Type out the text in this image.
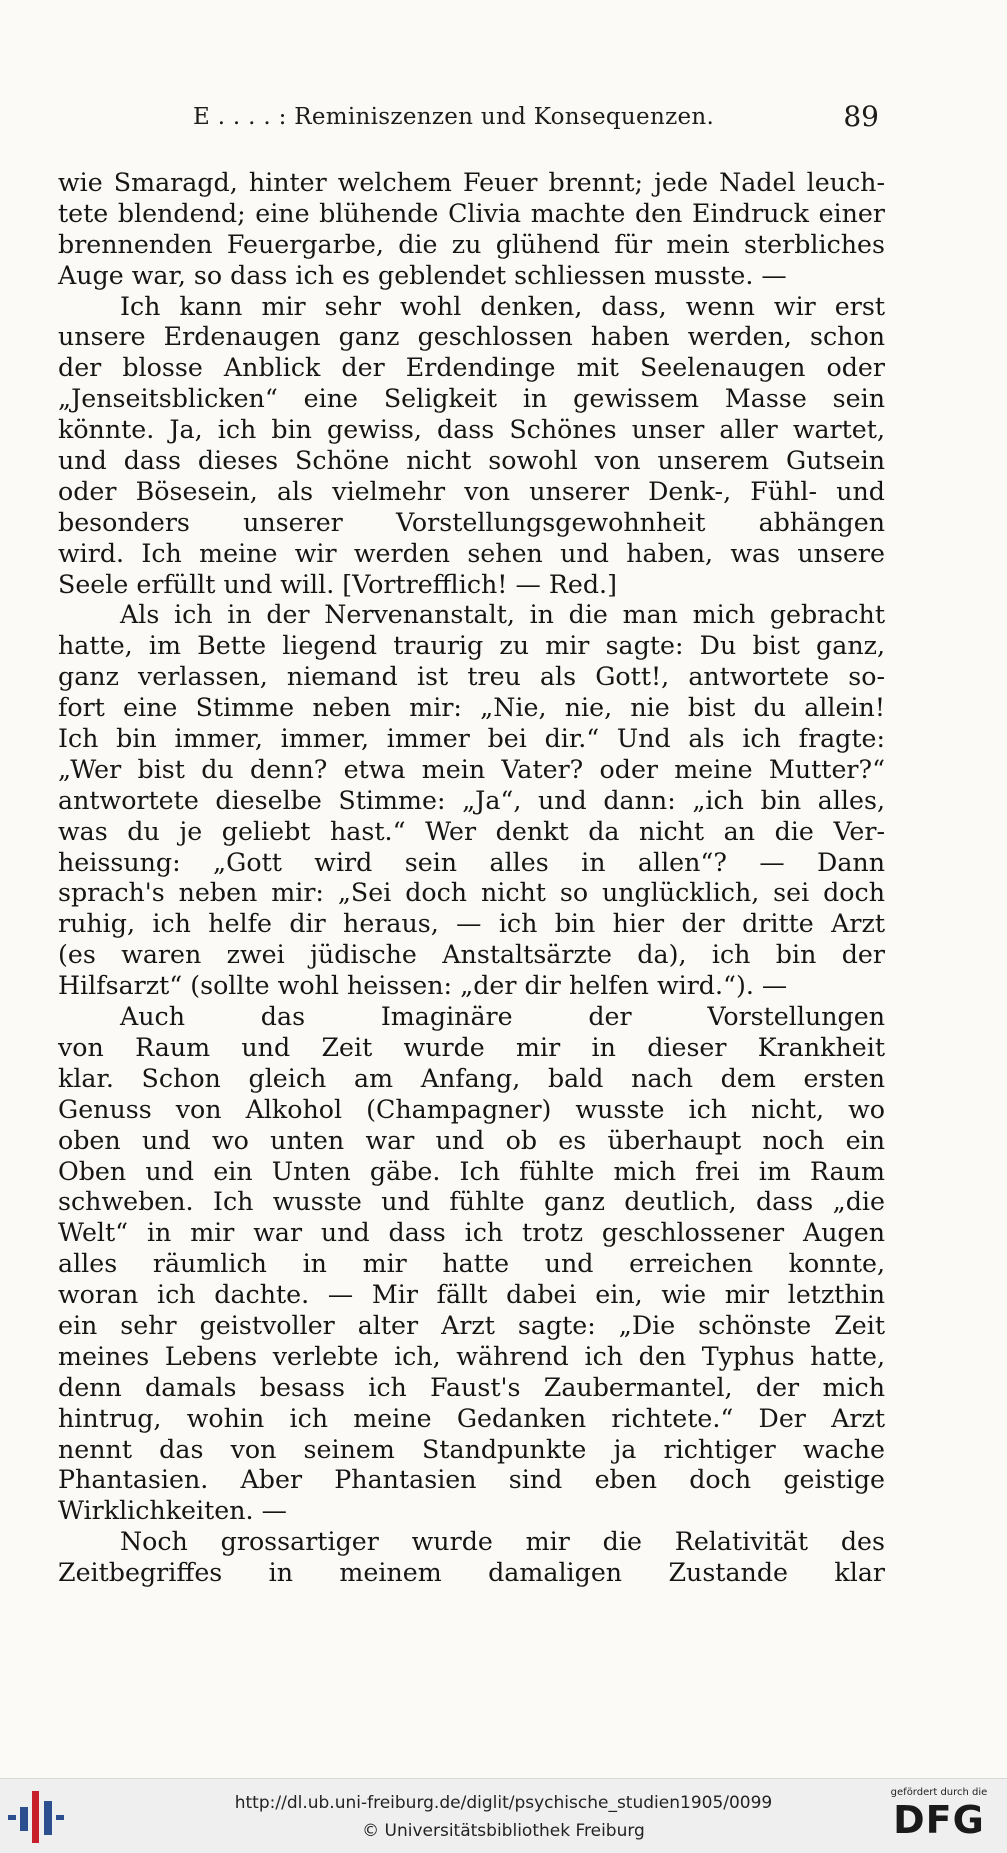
E . . . . : Reminiszenzen und Konsequenzen.	89
wie Smaragd, hinter welchem Feuer brennt; jede Nadel leuch-
tete blendend; eine blühende Clivia machte den Eindruck einer
brennenden Feuergarbe, die zu glühend für mein sterbliches
Auge war, so dass ich es geblendet schliessen musste. —
Ich kann mir sehr wohl denken, dass, wenn wir erst
unsere Erdenaugen ganz geschlossen haben werden, schon
der blosse Anblick der Erdendinge mit Seelenaugen oder
„Jenseitsblicken“ eine Seligkeit in gewissem Masse sein
könnte. Ja, ich bin gewiss, dass Schönes unser aller wartet,
und dass dieses Schöne nicht sowohl von unserem Gutsein
oder Bösesein, als vielmehr von unserer Denk-, Fühl- und
besonders unserer Vorstellungsgewohnheit abhängen
wird. Ich meine wir werden sehen und haben, was unsere
Seele erfüllt und will. [Vortrefflich! — Red.]
Als ich in der Nervenanstalt, in die man mich gebracht
hatte, im Bette liegend traurig zu mir sagte: Du bist ganz,
ganz verlassen, niemand ist treu als Gott!, antwortete so-
fort eine Stimme neben mir: „Nie, nie, nie bist du allein!
Ich bin immer, immer, immer bei dir.“ Und als ich fragte:
„Wer bist du denn? etwa mein Vater? oder meine Mutter?“
antwortete dieselbe Stimme: „Ja“, und dann: „ich bin alles,
was du je geliebt hast.“ Wer denkt da nicht an die Ver-
heissung: „Gott wird sein alles in allen“? — Dann
sprach's neben mir: „Sei doch nicht so unglücklich, sei doch
ruhig, ich helfe dir heraus, — ich bin hier der dritte Arzt
(es waren zwei jüdische Anstaltsärzte da), ich bin der
Hilfsarzt“ (sollte wohl heissen: „der dir helfen wird.“). —
Auch das Imaginäre der Vorstellungen
von Raum und Zeit wurde mir in dieser Krankheit
klar. Schon gleich am Anfang, bald nach dem ersten
Genuss von Alkohol (Champagner) wusste ich nicht, wo
oben und wo unten war und ob es überhaupt noch ein
Oben und ein Unten gäbe. Ich fühlte mich frei im Raum
schweben. Ich wusste und fühlte ganz deutlich, dass „die
Welt“ in mir war und dass ich trotz geschlossener Augen
alles räumlich in mir hatte und erreichen konnte,
woran ich dachte. — Mir fällt dabei ein, wie mir letzthin
ein sehr geistvoller alter Arzt sagte: „Die schönste Zeit
meines Lebens verlebte ich, während ich den Typhus hatte,
denn damals besass ich Faust's Zaubermantel, der mich
hintrug, wohin ich meine Gedanken richtete.“ Der Arzt
nennt das von seinem Standpunkte ja richtiger wache
Phantasien. Aber Phantasien sind eben doch geistige
Wirklichkeiten. —
Noch grossartiger wurde mir die Relativität des
Zeitbegriffes in meinem damaligen Zustande klar
http://dl.ub.uni-freiburg.de/diglit/psychische_studien1905/0099
© Universitätsbibliothek Freiburg
gefördert durch die
DFG
